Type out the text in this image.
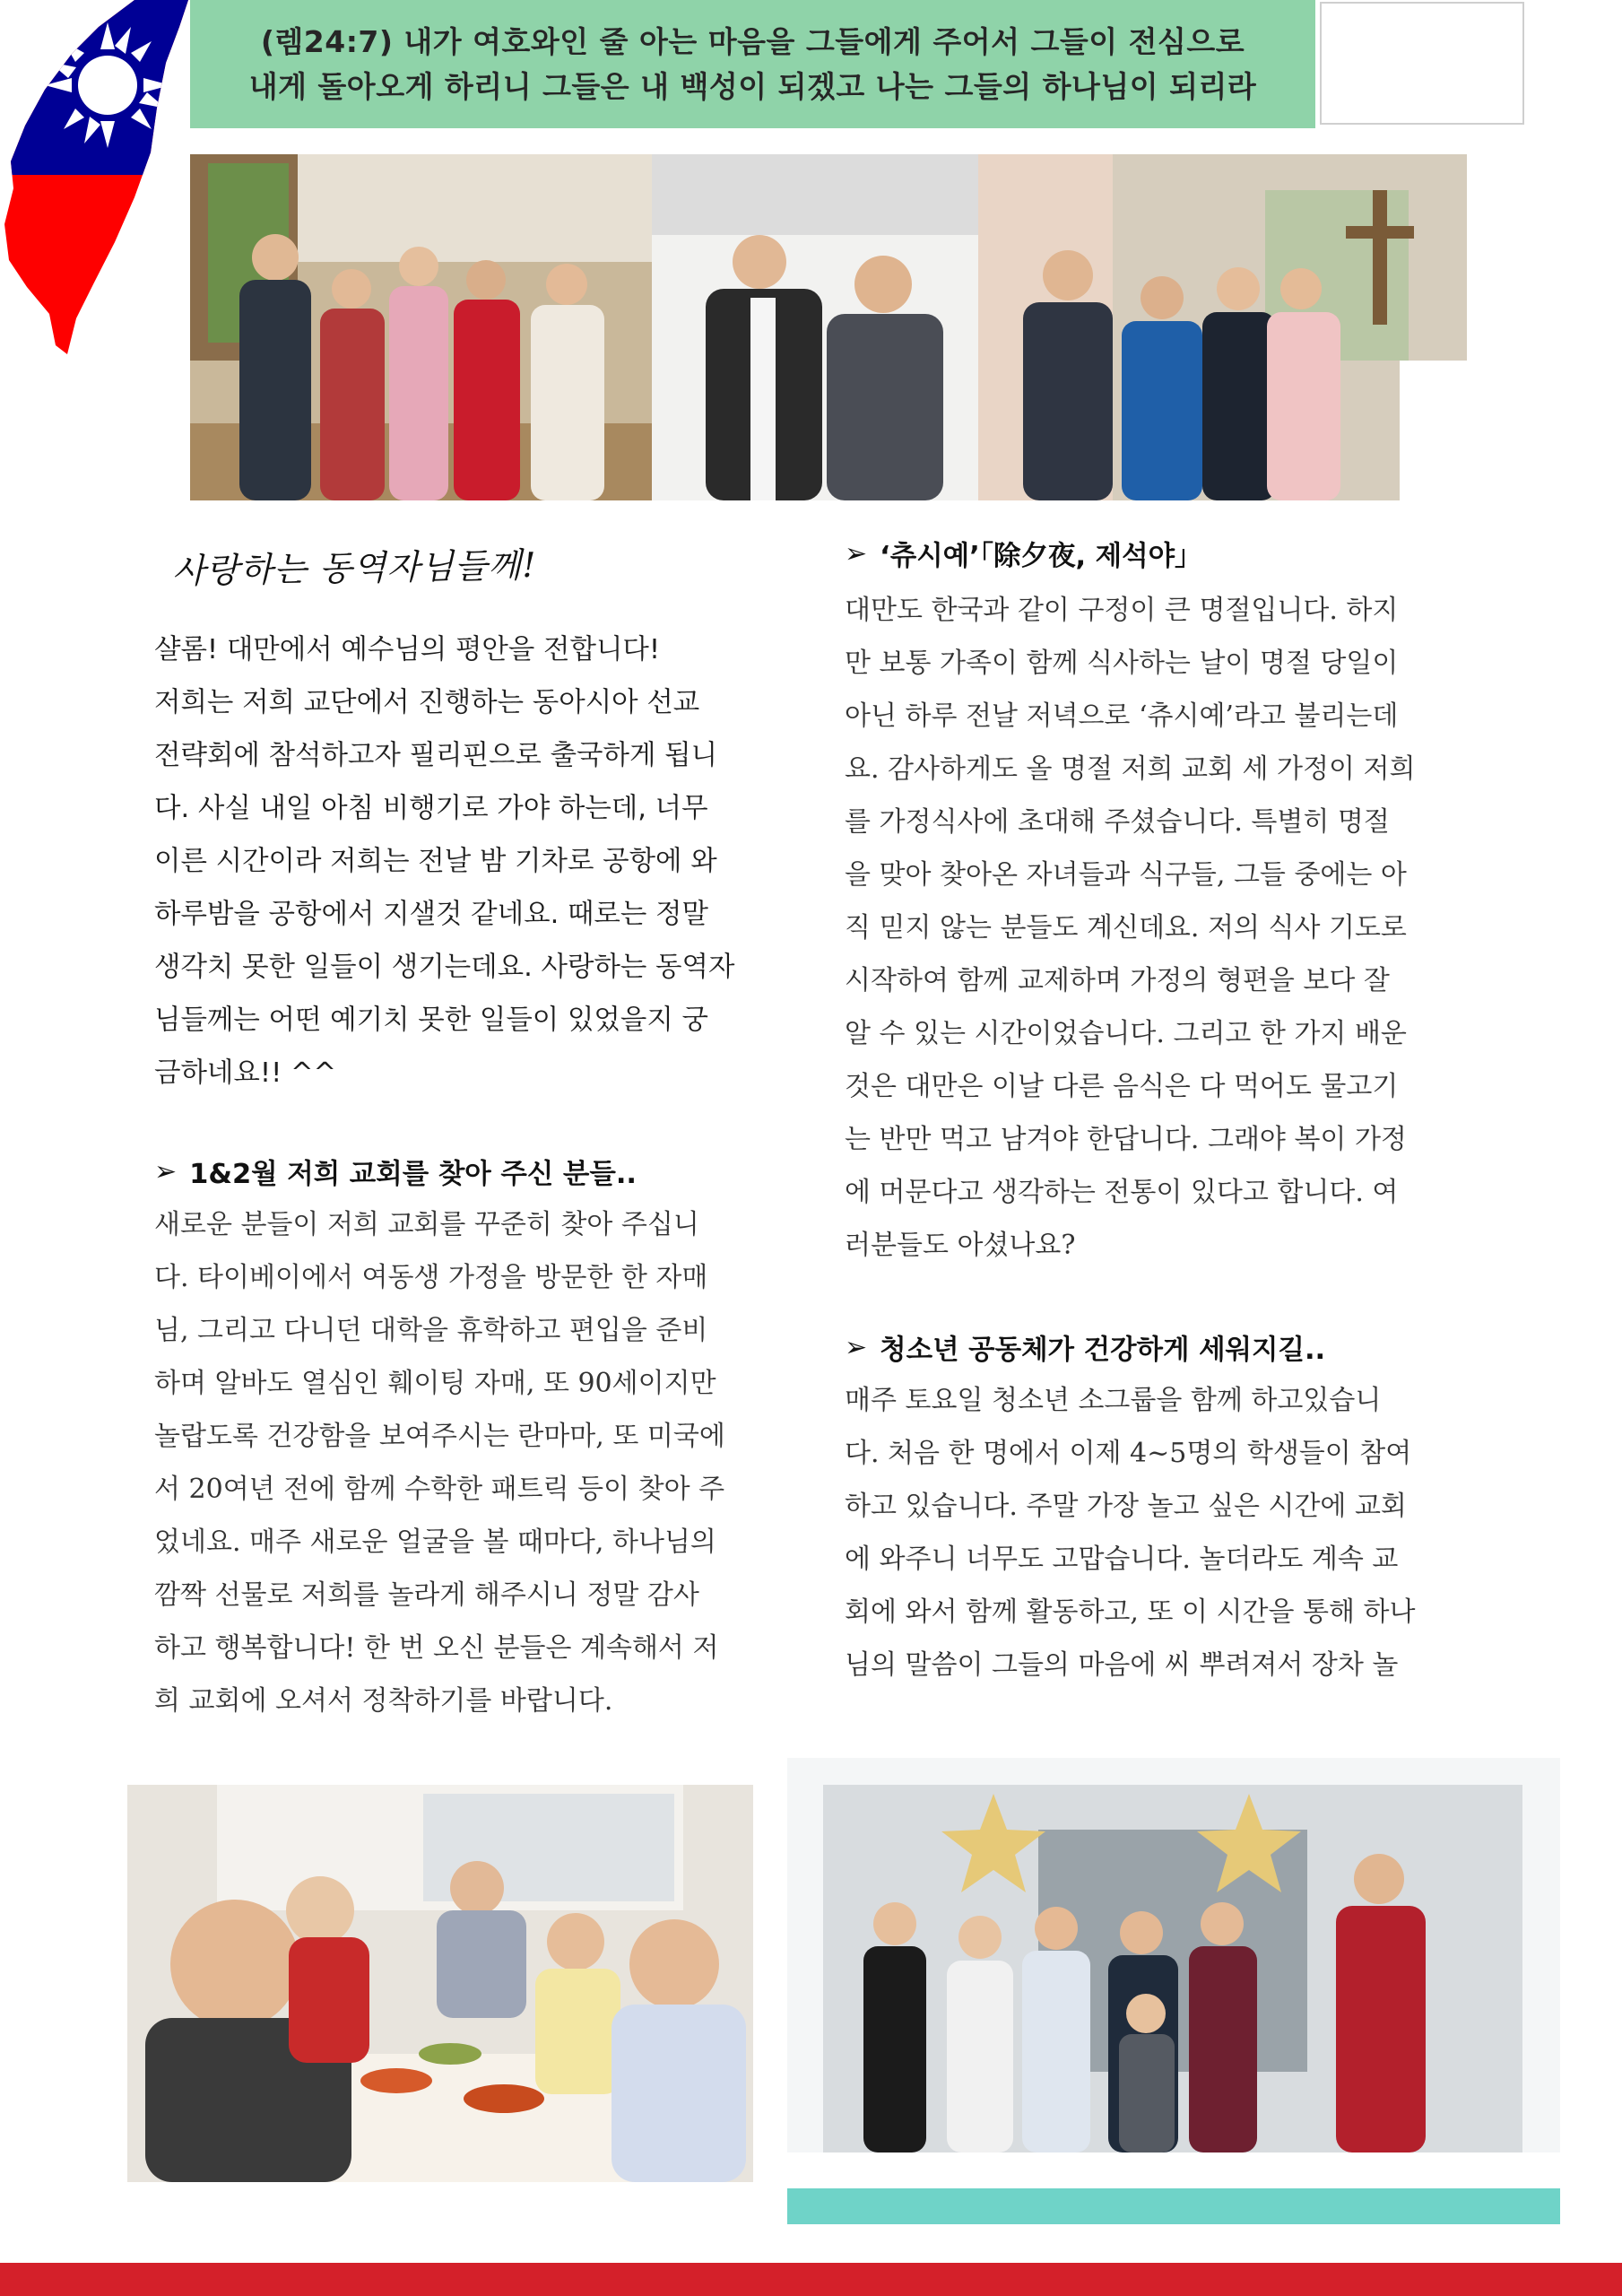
(렘24:7) 내가 여호와인 줄 아는 마음을 그들에게 주어서 그들이 전심으로
내게 돌아오게 하리니 그들은 내 백성이 되겠고 나는 그들의 하나님이 되리라
사랑하는 동역자님들께!

샬롬! 대만에서 예수님의 평안을 전합니다!

저희는 저희 교단에서 진행하는 동아시아 선교

전략회에 참석하고자 필리핀으로 출국하게 됩니

다. 사실 내일 아침 비행기로 가야 하는데, 너무

이른 시간이라 저희는 전날 밤 기차로 공항에 와

하루밤을 공항에서 지샐것 같네요. 때로는 정말

생각치 못한 일들이 생기는데요. 사랑하는 동역자

님들께는 어떤 예기치 못한 일들이 있었을지 궁

금하네요!! ^^

➢ 1&2월 저희 교회를 찾아 주신 분들..

새로운 분들이 저희 교회를 꾸준히 찾아 주십니

다. 타이베이에서 여동생 가정을 방문한 한 자매

님, 그리고 다니던 대학을 휴학하고 편입을 준비

하며 알바도 열심인 훼이팅 자매, 또 90세이지만

놀랍도록 건강함을 보여주시는 란마마, 또 미국에

서 20여년 전에 함께 수학한 패트릭 등이 찾아 주

었네요. 매주 새로운 얼굴을 볼 때마다, 하나님의

깜짝 선물로 저희를 놀라게 해주시니 정말 감사

하고 행복합니다! 한 번 오신 분들은 계속해서 저

희 교회에 오셔서 정착하기를 바랍니다.

➢ ‘츄시예’「除夕夜, 제석야」

대만도 한국과 같이 구정이 큰 명절입니다. 하지

만 보통 가족이 함께 식사하는 날이 명절 당일이

아닌 하루 전날 저녁으로 ‘츄시예’라고 불리는데

요. 감사하게도 올 명절 저희 교회 세 가정이 저희

를 가정식사에 초대해 주셨습니다. 특별히 명절

을 맞아 찾아온 자녀들과 식구들, 그들 중에는 아

직 믿지 않는 분들도 계신데요. 저의 식사 기도로

시작하여 함께 교제하며 가정의 형편을 보다 잘

알 수 있는 시간이었습니다. 그리고 한 가지 배운

것은 대만은 이날 다른 음식은 다 먹어도 물고기

는 반만 먹고 남겨야 한답니다. 그래야 복이 가정

에 머문다고 생각하는 전통이 있다고 합니다. 여

러분들도 아셨나요?

➢ 청소년 공동체가 건강하게 세워지길..

매주 토요일 청소년 소그룹을 함께 하고있습니

다. 처음 한 명에서 이제 4~5명의 학생들이 참여

하고 있습니다. 주말 가장 놀고 싶은 시간에 교회

에 와주니 너무도 고맙습니다. 놀더라도 계속 교

회에 와서 함께 활동하고, 또 이 시간을 통해 하나

님의 말씀이 그들의 마음에 씨 뿌려져서 장차 놀
